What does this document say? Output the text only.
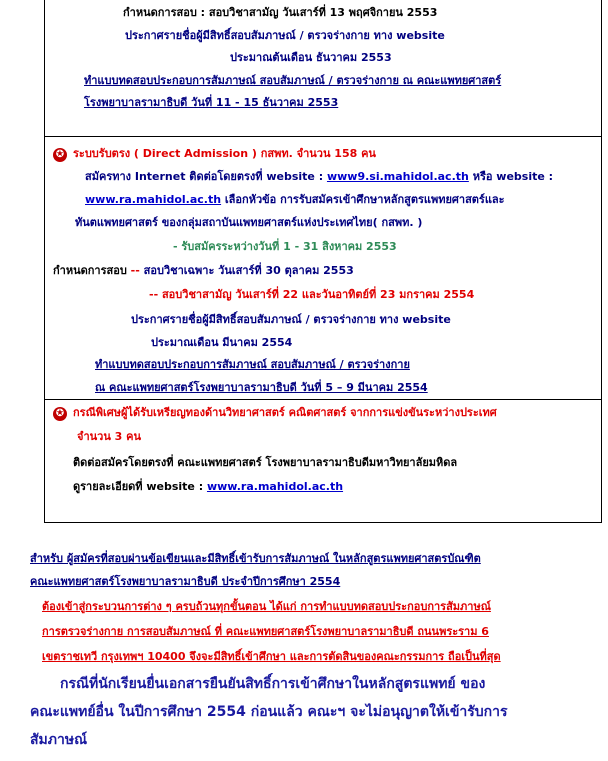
กำหนดการสอบ : สอบวิชาสามัญ วันเสาร์ที่ 13 พฤศจิกายน 2553
ประกาศรายชื่อผู้มีสิทธิ์สอบสัมภาษณ์ / ตรวจร่างกาย ทาง website
ประมาณต้นเดือน ธันวาคม 2553
ทำแบบทดสอบประกอบการสัมภาษณ์ สอบสัมภาษณ์ / ตรวจร่างกาย ณ คณะแพทยศาสตร์
โรงพยาบาลรามาธิบดี วันที่ 11 - 15 ธันวาคม 2553
✪ ระบบรับตรง ( Direct Admission ) กสพท. จำนวน 158 คน
สมัครทาง Internet ติดต่อโดยตรงที่ website : www9.si.mahidol.ac.th หรือ website :
www.ra.mahidol.ac.th เลือกหัวข้อ การรับสมัครเข้าศึกษาหลักสูตรแพทยศาสตร์และ
ทันตแพทยศาสตร์ ของกลุ่มสถาบันแพทยศาสตร์แห่งประเทศไทย( กสพท. )
- รับสมัครระหว่างวันที่ 1 - 31 สิงหาคม 2553
กำหนดการสอบ -- สอบวิชาเฉพาะ วันเสาร์ที่ 30 ตุลาคม 2553
-- สอบวิชาสามัญ วันเสาร์ที่ 22 และวันอาทิตย์ที่ 23 มกราคม 2554
ประกาศรายชื่อผู้มีสิทธิ์สอบสัมภาษณ์ / ตรวจร่างกาย ทาง website
ประมาณเดือน มีนาคม 2554
ทำแบบทดสอบประกอบการสัมภาษณ์ สอบสัมภาษณ์ / ตรวจร่างกาย
ณ คณะแพทยศาสตร์โรงพยาบาลรามาธิบดี วันที่ 5 – 9 มีนาคม 2554
✪ กรณีพิเศษผู้ได้รับเหรียญทองด้านวิทยาศาสตร์ คณิตศาสตร์ จากการแข่งขันระหว่างประเทศ
จำนวน 3 คน
ติดต่อสมัครโดยตรงที่ คณะแพทยศาสตร์ โรงพยาบาลรามาธิบดีมหาวิทยาลัยมหิดล
ดูรายละเอียดที่ website : www.ra.mahidol.ac.th
สำหรับ ผู้สมัครที่สอบผ่านข้อเขียนและมีสิทธิ์เข้ารับการสัมภาษณ์ ในหลักสูตรแพทยศาสตรบัณฑิต
คณะแพทยศาสตร์โรงพยาบาลรามาธิบดี ประจำปีการศึกษา 2554
ต้องเข้าสู่กระบวนการต่าง ๆ ครบถ้วนทุกขั้นตอน ได้แก่ การทำแบบทดสอบประกอบการสัมภาษณ์
การตรวจร่างกาย การสอบสัมภาษณ์ ที่ คณะแพทยศาสตร์โรงพยาบาลรามาธิบดี ถนนพระราม 6
เขตราชเทวี กรุงเทพฯ 10400 จึงจะมีสิทธิ์เข้าศึกษา และการตัดสินของคณะกรรมการ ถือเป็นที่สุด
กรณีที่นักเรียนยื่นเอกสารยืนยันสิทธิ์การเข้าศึกษาในหลักสูตรแพทย์ ของ
คณะแพทย์อื่น ในปีการศึกษา 2554 ก่อนแล้ว คณะฯ จะไม่อนุญาตให้เข้ารับการ
สัมภาษณ์
